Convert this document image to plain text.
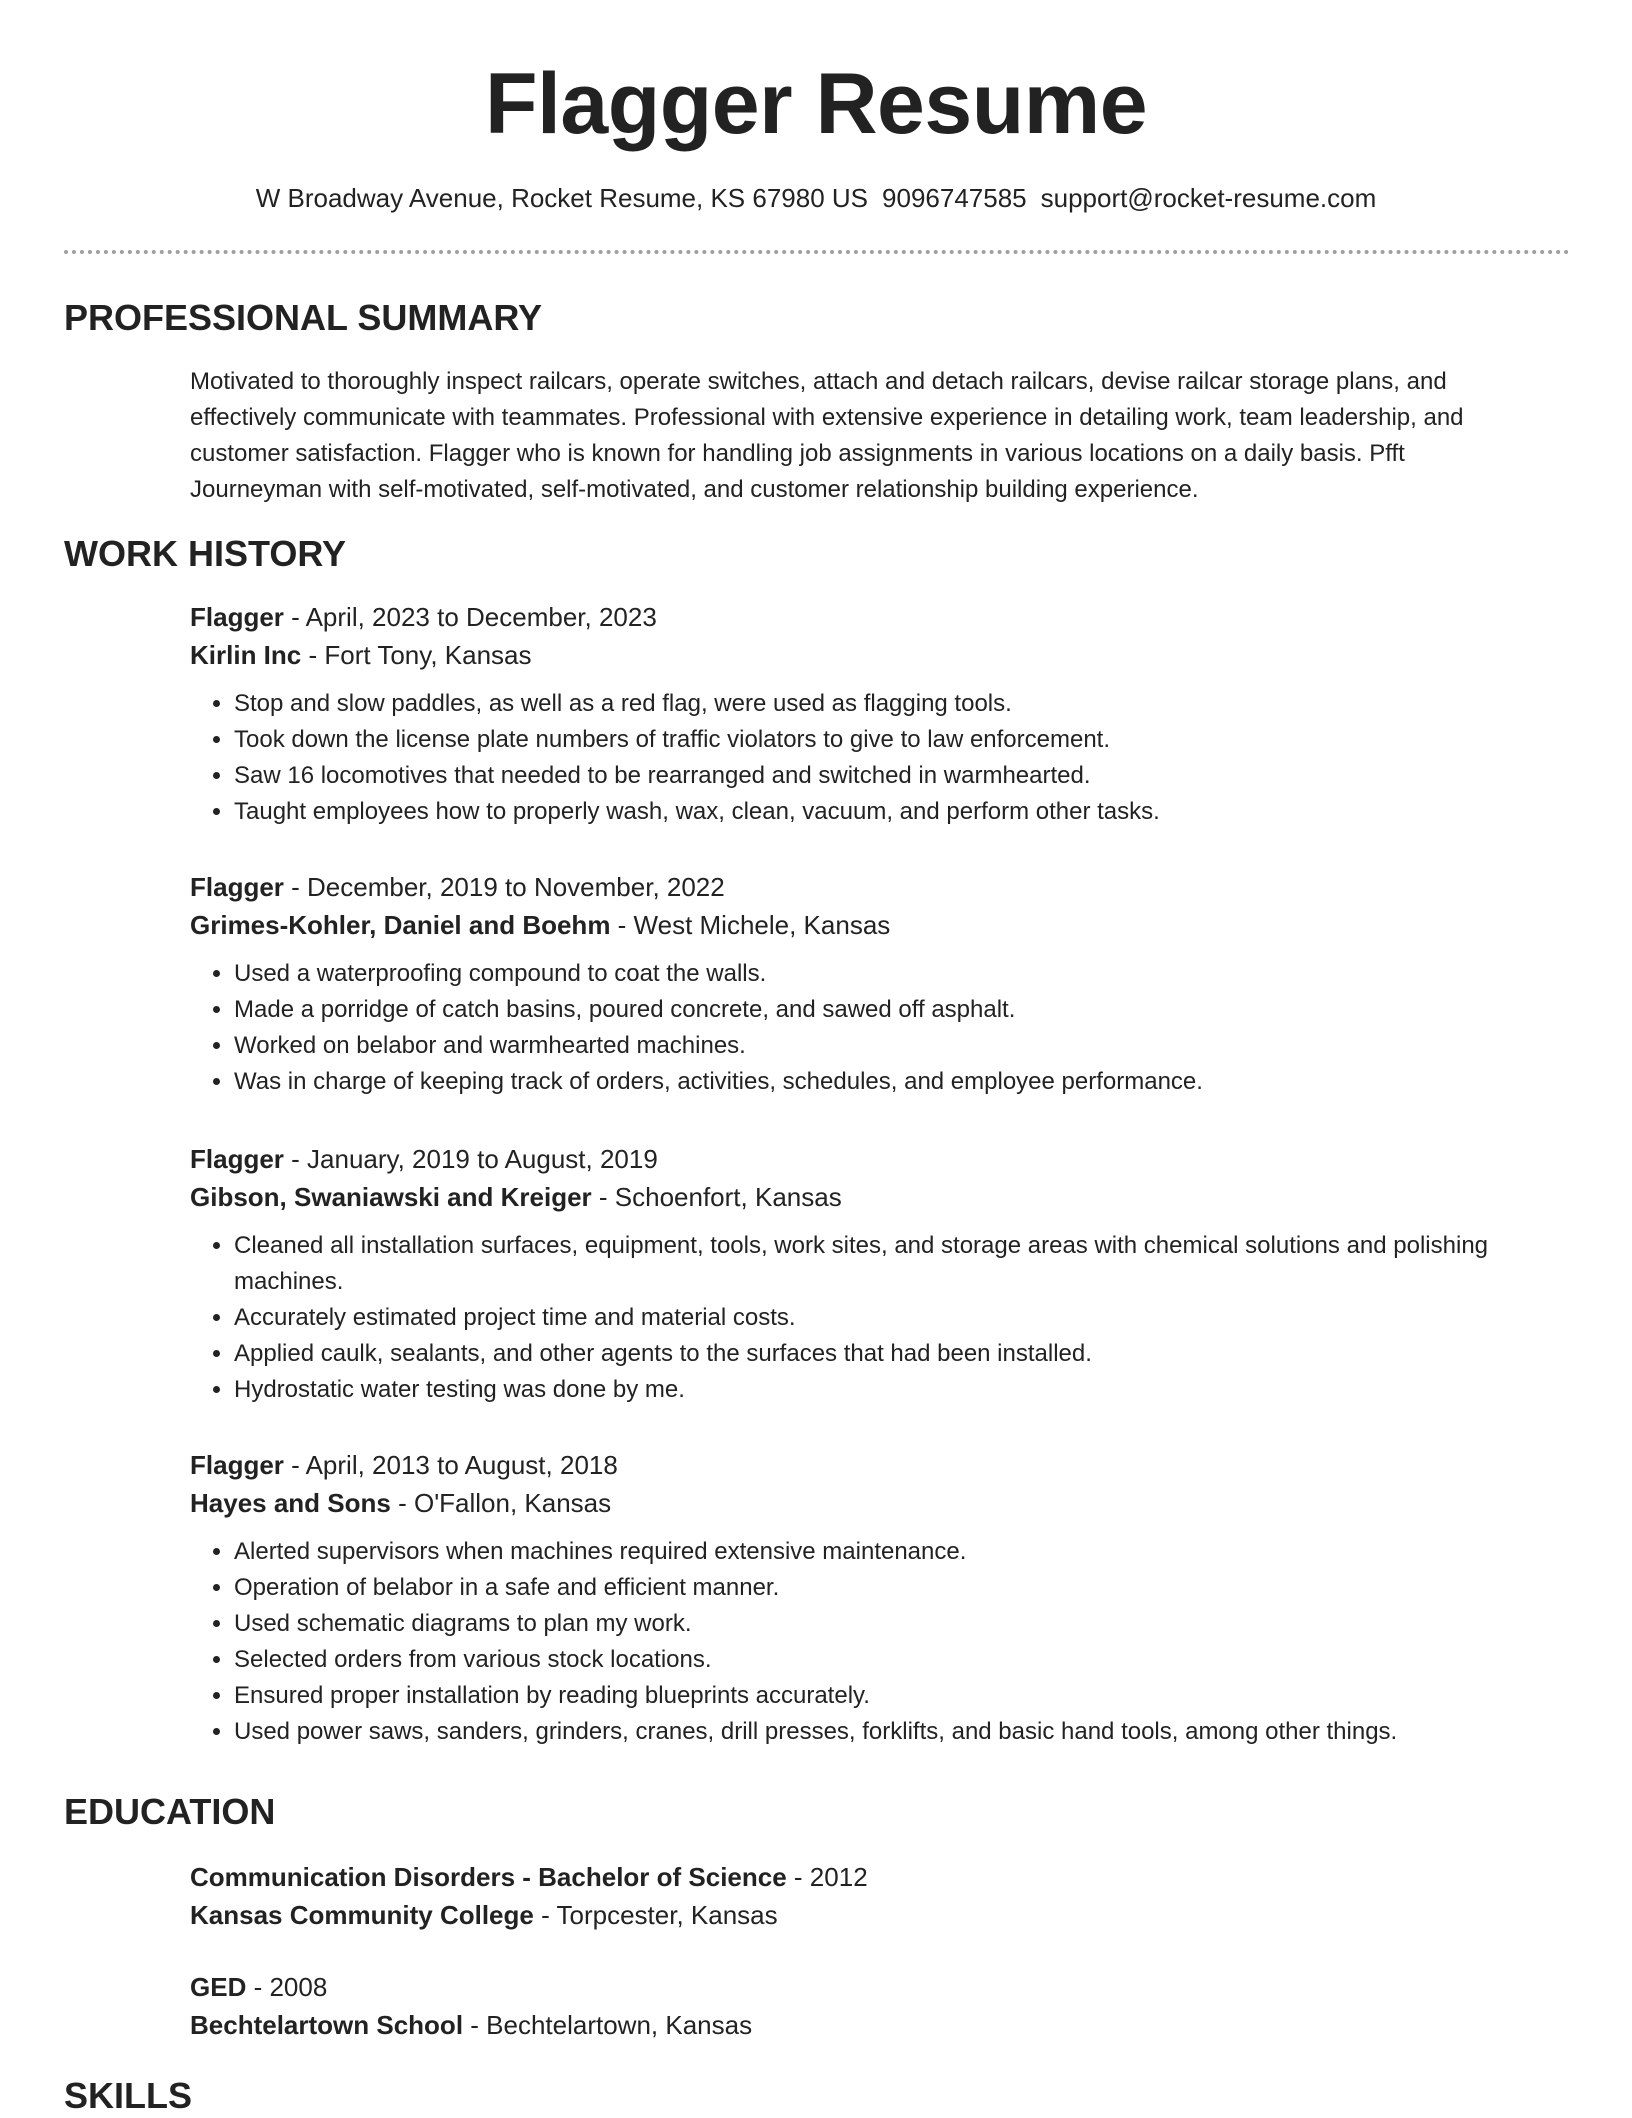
Flagger Resume
W Broadway Avenue, Rocket Resume, KS 67980 US 9096747585 support@rocket-resume.com
PROFESSIONAL SUMMARY
Motivated to thoroughly inspect railcars, operate switches, attach and detach railcars, devise railcar storage plans, and effectively communicate with teammates. Professional with extensive experience in detailing work, team leadership, and customer satisfaction. Flagger who is known for handling job assignments in various locations on a daily basis. Pfft Journeyman with self-motivated, self-motivated, and customer relationship building experience.
WORK HISTORY
Flagger - April, 2023 to December, 2023
Kirlin Inc - Fort Tony, Kansas
• Stop and slow paddles, as well as a red flag, were used as flagging tools.
• Took down the license plate numbers of traffic violators to give to law enforcement.
• Saw 16 locomotives that needed to be rearranged and switched in warmhearted.
• Taught employees how to properly wash, wax, clean, vacuum, and perform other tasks.
Flagger - December, 2019 to November, 2022
Grimes-Kohler, Daniel and Boehm - West Michele, Kansas
• Used a waterproofing compound to coat the walls.
• Made a porridge of catch basins, poured concrete, and sawed off asphalt.
• Worked on belabor and warmhearted machines.
• Was in charge of keeping track of orders, activities, schedules, and employee performance.
Flagger - January, 2019 to August, 2019
Gibson, Swaniawski and Kreiger - Schoenfort, Kansas
• Cleaned all installation surfaces, equipment, tools, work sites, and storage areas with chemical solutions and polishing machines.
• Accurately estimated project time and material costs.
• Applied caulk, sealants, and other agents to the surfaces that had been installed.
• Hydrostatic water testing was done by me.
Flagger - April, 2013 to August, 2018
Hayes and Sons - O'Fallon, Kansas
• Alerted supervisors when machines required extensive maintenance.
• Operation of belabor in a safe and efficient manner.
• Used schematic diagrams to plan my work.
• Selected orders from various stock locations.
• Ensured proper installation by reading blueprints accurately.
• Used power saws, sanders, grinders, cranes, drill presses, forklifts, and basic hand tools, among other things.
EDUCATION
Communication Disorders - Bachelor of Science - 2012
Kansas Community College - Torpcester, Kansas
GED - 2008
Bechtelartown School - Bechtelartown, Kansas
SKILLS
